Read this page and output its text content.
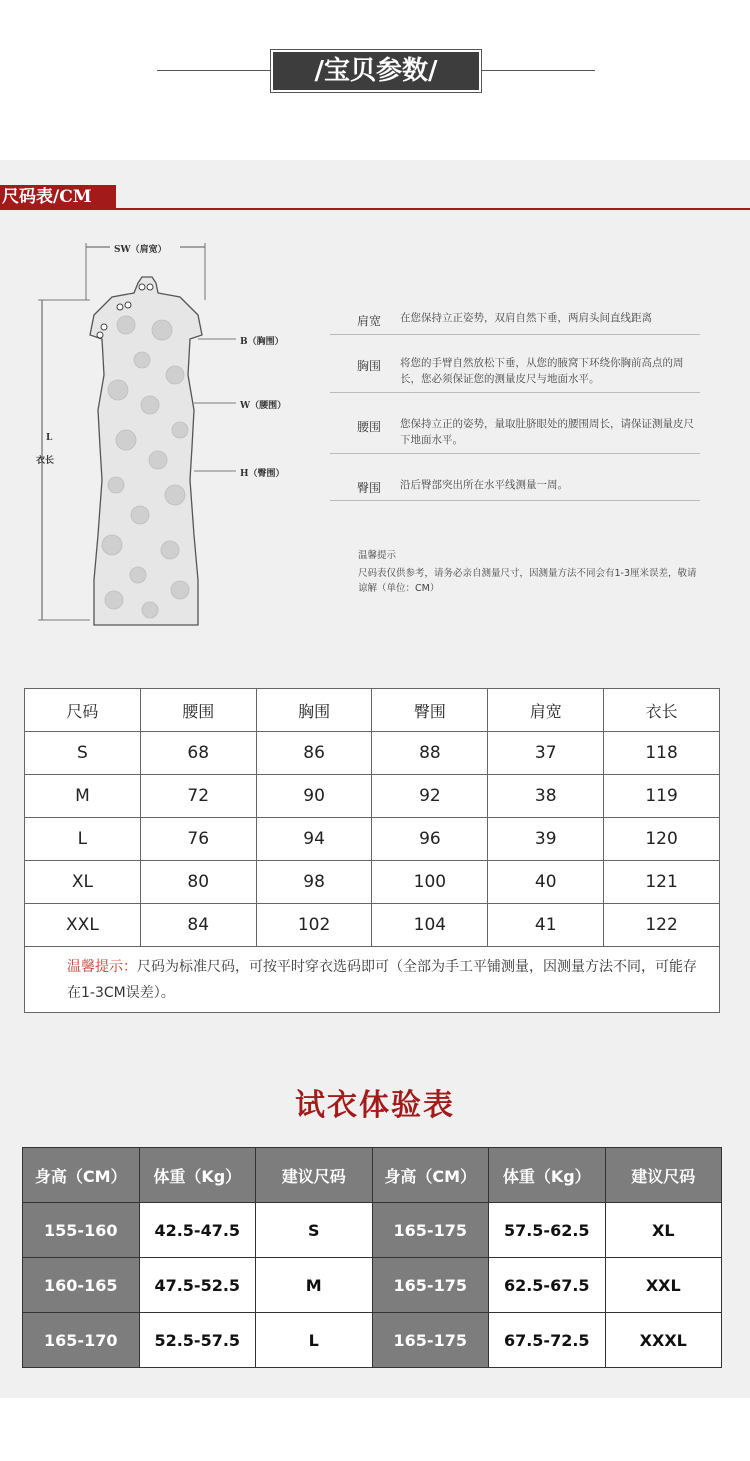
/宝贝参数/
尺码表/CM
SW（肩宽）
B（胸围）
W（腰围）
H（臀围）
L
衣长
肩宽 在您保持立正姿势，双肩自然下垂，两肩头间直线距离
胸围 将您的手臂自然放松下垂，从您的腋窝下环绕你胸前高点的周长，您必须保证您的测量皮尺与地面水平。
腰围 您保持立正的姿势，量取肚脐眼处的腰围周长，请保证测量皮尺下地面水平。
臀围 沿后臀部突出所在水平线测量一周。
温馨提示
尺码表仅供参考，请务必亲自测量尺寸，因测量方法不同会有1-3厘米误差，敬请谅解（单位：CM）
尺码	腰围	胸围	臀围	肩宽	衣长
S	68	86	88	37	118
M	72	90	92	38	119
L	76	94	96	39	120
XL	80	98	100	40	121
XXL	84	102	104	41	122
温馨提示：尺码为标准尺码，可按平时穿衣选码即可（全部为手工平铺测量，因测量方法不同，可能存在1-3CM误差）。					
试衣体验表
身高（CM）	体重（Kg）	建议尺码	身高（CM）	体重（Kg）	建议尺码
155-160	42.5-47.5	S	165-175	57.5-62.5	XL
160-165	47.5-52.5	M	165-175	62.5-67.5	XXL
165-170	52.5-57.5	L	165-175	67.5-72.5	XXXL
